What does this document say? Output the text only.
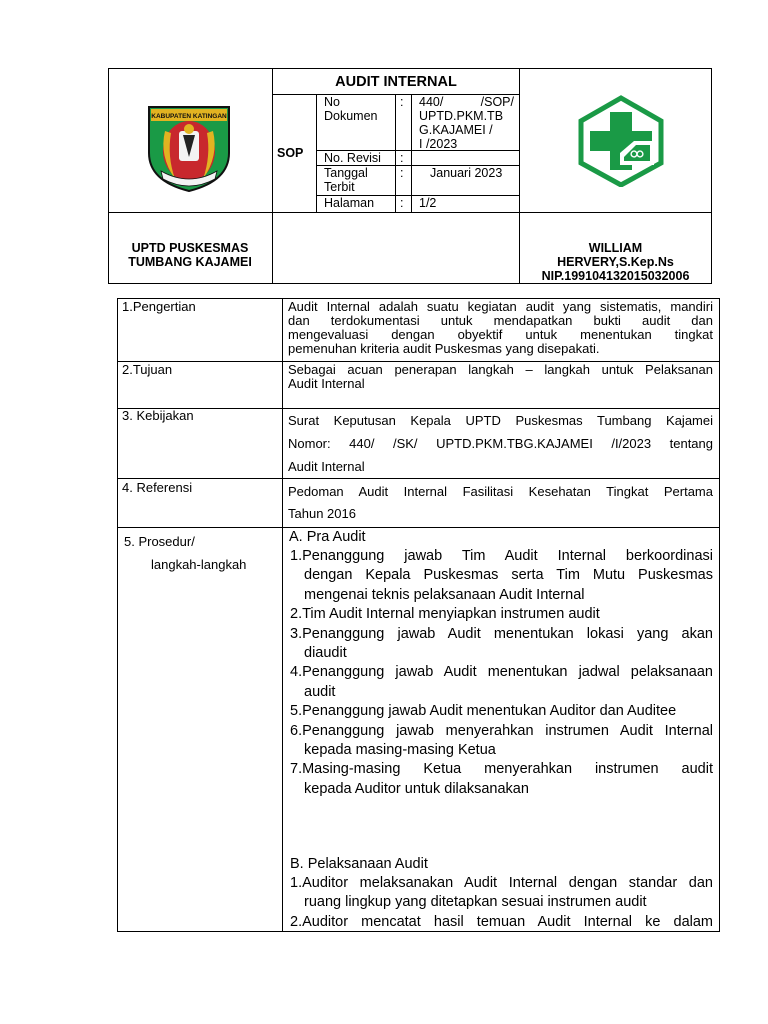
KABUPATEN KATINGAN
AUDIT INTERNAL
SOP
No
Dokumen
: 440/ /SOP/
UPTD.PKM.TB
G.KAJAMEI /
I /2023
No. Revisi :
Tanggal
Terbit
: Januari 2023
Halaman : 1/2
UPTD PUSKESMAS
TUMBANG KAJAMEI
WILLIAM
HERVERY,S.Kep.Ns
NIP.199104132015032006
1.Pengertian	Audit Internal adalah suatu kegiatan audit yang sistematis, mandiri
dan terdokumentasi untuk mendapatkan bukti audit dan
mengevaluasi dengan obyektif untuk menentukan tingkat
pemenuhan kriteria audit Puskesmas yang disepakati.
2.Tujuan	Sebagai acuan penerapan langkah – langkah untuk Pelaksanan
Audit Internal
3. Kebijakan	Surat Keputusan Kepala UPTD Puskesmas Tumbang Kajamei
Nomor: 440/ /SK/ UPTD.PKM.TBG.KAJAMEI /I/2023 tentang
Audit Internal
4. Referensi	Pedoman Audit Internal Fasilitasi Kesehatan Tingkat Pertama
Tahun 2016
5. Prosedur/
langkah-langkah
A. Pra Audit
1.Penanggung jawab Tim Audit Internal berkoordinasi
dengan Kepala Puskesmas serta Tim Mutu Puskesmas
mengenai teknis pelaksanaan Audit Internal
2.Tim Audit Internal menyiapkan instrumen audit
3.Penanggung jawab Audit menentukan lokasi yang akan
diaudit
4.Penanggung jawab Audit menentukan jadwal pelaksanaan
audit
5.Penanggung jawab Audit menentukan Auditor dan Auditee
6.Penanggung jawab menyerahkan instrumen Audit Internal
kepada masing-masing Ketua
7.Masing-masing Ketua menyerahkan instrumen audit
kepada Auditor untuk dilaksanakan
B. Pelaksanaan Audit
1.Auditor melaksanakan Audit Internal dengan standar dan
ruang lingkup yang ditetapkan sesuai instrumen audit
2.Auditor mencatat hasil temuan Audit Internal ke dalam
